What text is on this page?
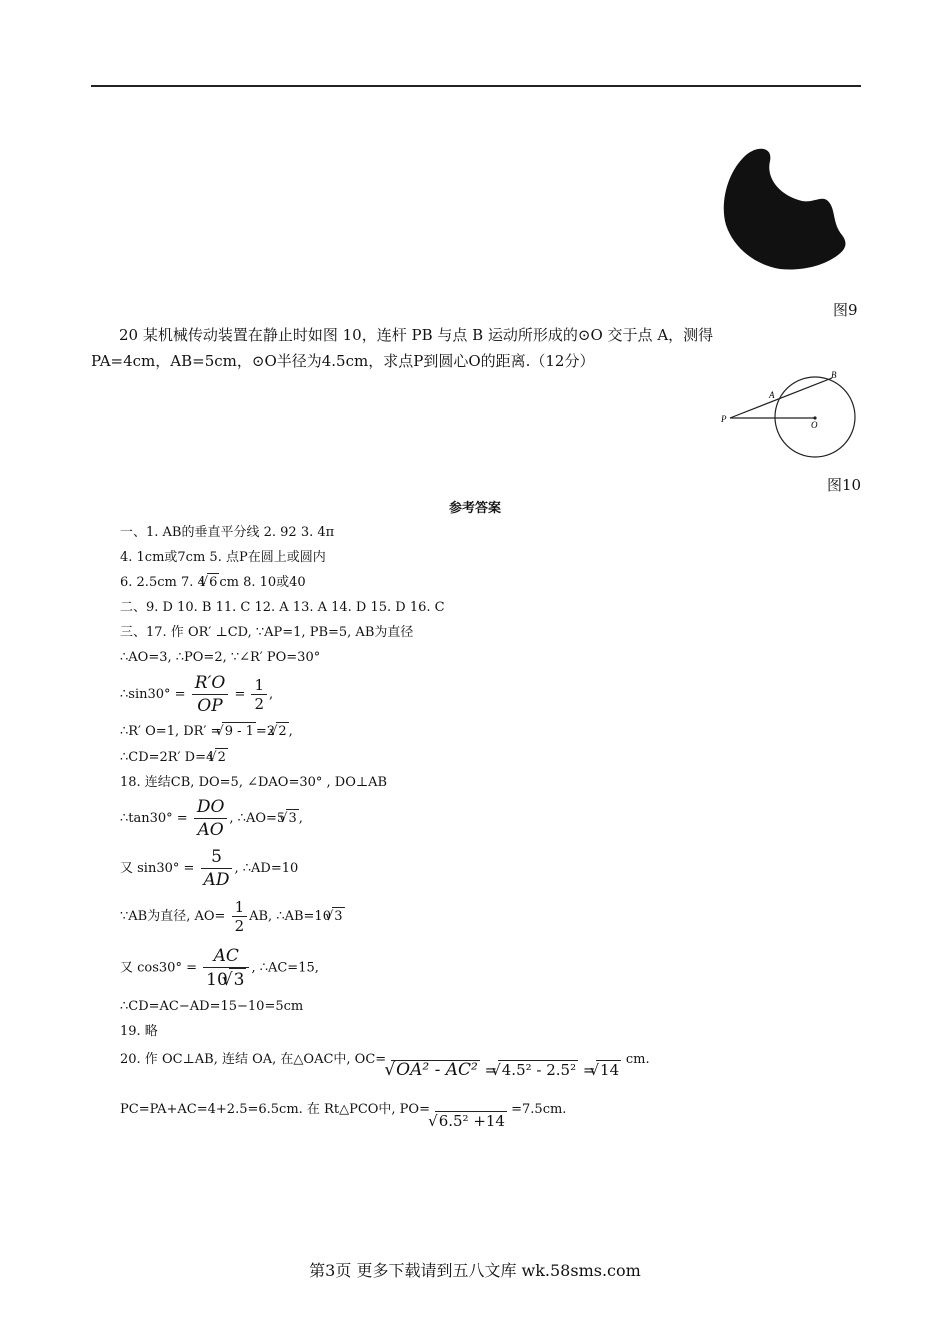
图9

20 某机械传动装置在静止时如图 10，连杆 PB 与点 B 运动所形成的⊙O 交于点 A，测得

PA=4cm，AB=5cm，⊙O半径为4.5cm，求点P到圆心O的距离.（12分）

P
A
B
O
图10
参考答案
一、1. AB的垂直平分线 2. 92 3. 4π
4. 1cm或7cm 5. 点P在圆上或圆内
6. 2.5cm 7. 4 √ 6 cm 8. 10或40
二、9. D 10. B 11. C 12. A 13. A 14. D 15. D 16. C
三、17. 作 OR′ ⊥CD, ∵AP=1, PB=5, AB为直径
∴AO=3, ∴PO=2, ∵∠R′ PO=30°
∴sin30° = $\frac{R'O}{OP} = \frac{1}{2}$ ,
∴R′ O=1, DR′ = √ 9 - 1 =2 √ 2 ,
∴CD=2R′ D=4 √ 2
18. 连结CB, DO=5, ∠DAO=30° , DO⊥AB
∴tan30° = $\frac{DO}{AO}$ , ∴AO=5 √ 3 ,
又 $\sin 30^\circ = \frac{5}{AD}$ , ∴AD=10
∵AB为直径, $AO= \frac{1}{2}$ AB, ∴AB=10 √ 3
又 $\cos 30^\circ = \frac{AC}{10 √ 3}$ , ∴AC=15,
∴CD=AC−AD=15−10=5cm
19. 略
20. 作 OC⊥AB, 连结 OA, 在△OAC中, OC= √ OA² - AC² = √ 4.5² - 2.5² = √ 14 cm.
PC=PA+AC=4+2.5=6.5cm. 在 Rt△PCO中, PO= √ 6.5² +14 =7.5cm.
第3页 更多下载请到五八文库 wk.58sms.com
